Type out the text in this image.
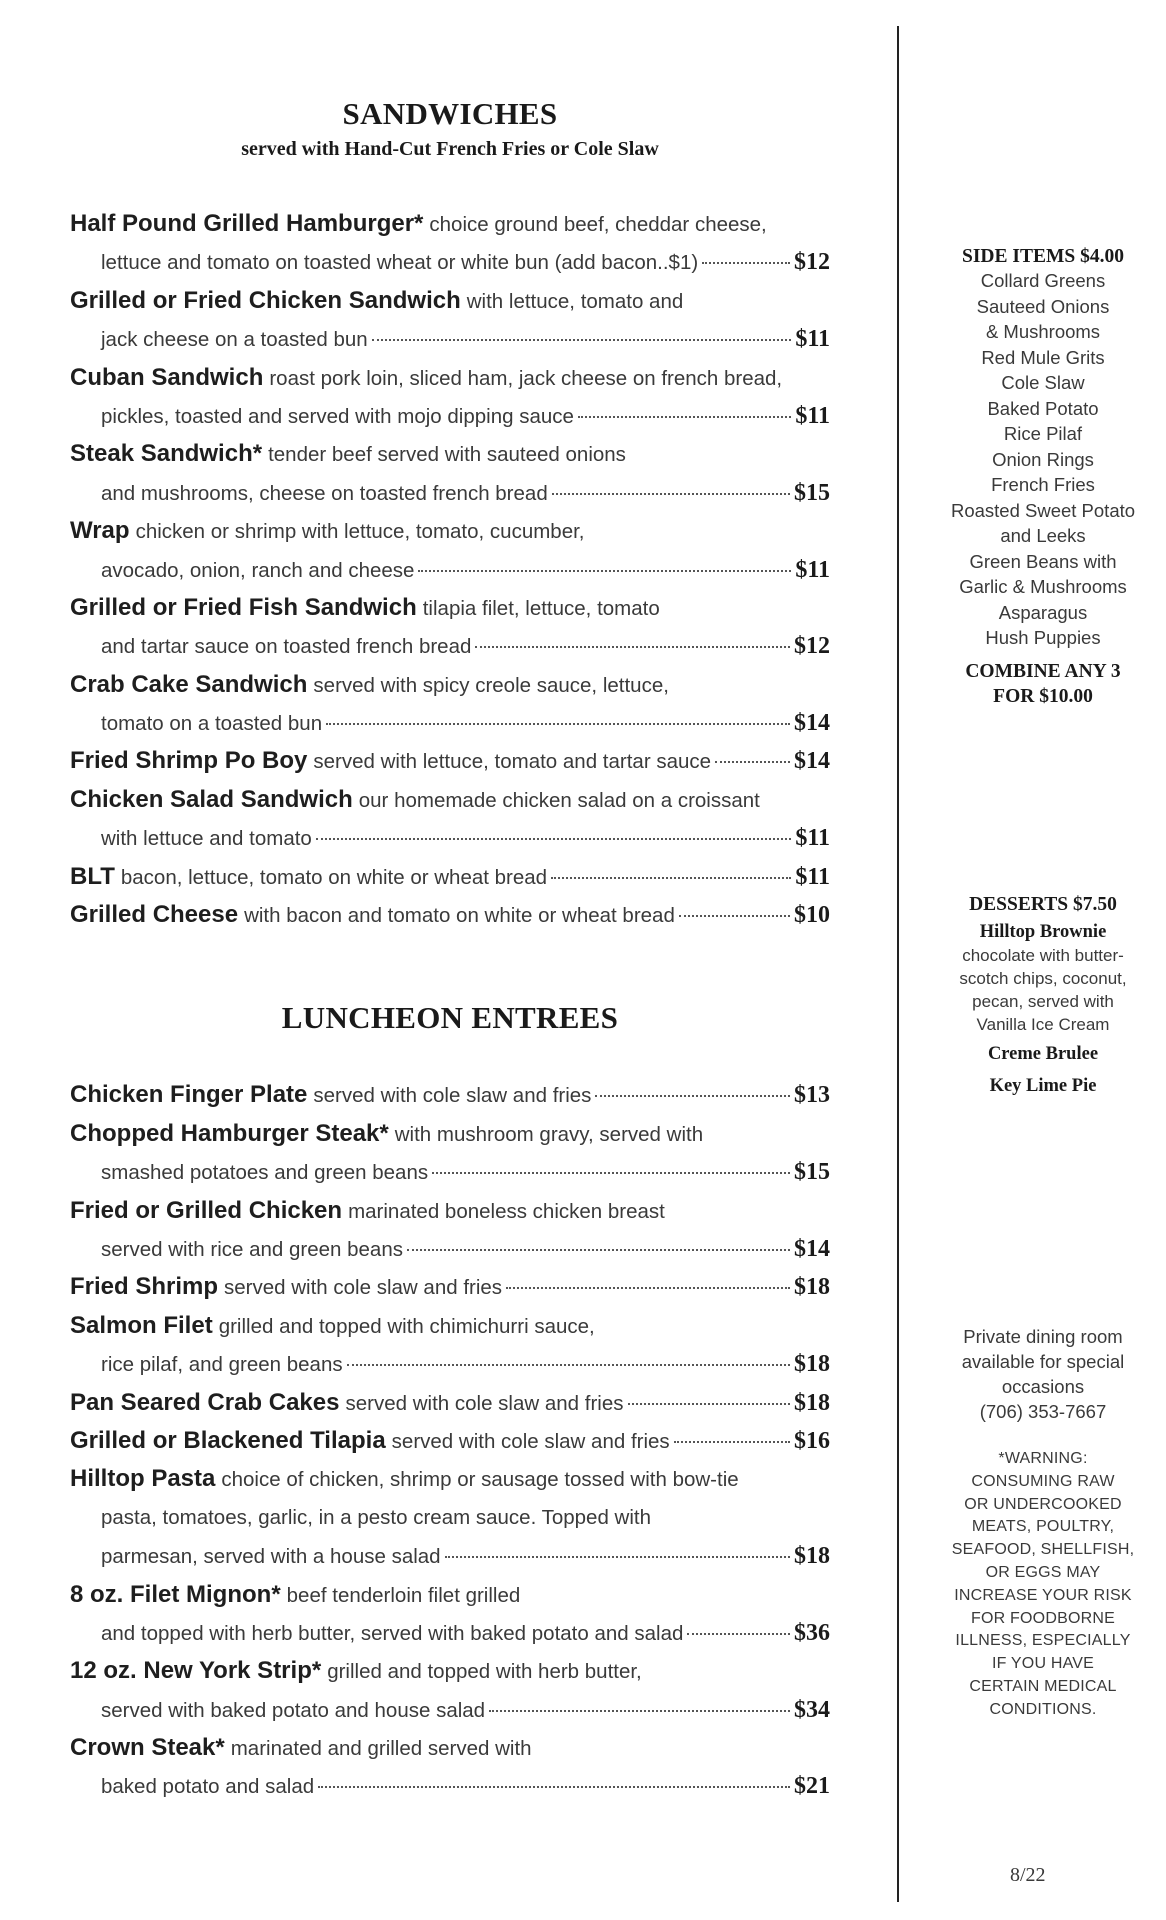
SANDWICHES
served with Hand-Cut French Fries or Cole Slaw
Half Pound Grilled Hamburger* choice ground beef, cheddar cheese,
lettuce and tomato on toasted wheat or white bun (add bacon..$1)	$12
Grilled or Fried Chicken Sandwich with lettuce, tomato and
jack cheese on a toasted bun	$11
Cuban Sandwich roast pork loin, sliced ham, jack cheese on french bread,
pickles, toasted and served with mojo dipping sauce	$11
Steak Sandwich* tender beef served with sauteed onions
and mushrooms, cheese on toasted french bread	$15
Wrap chicken or shrimp with lettuce, tomato, cucumber,
avocado, onion, ranch and cheese	$11
Grilled or Fried Fish Sandwich tilapia filet, lettuce, tomato
and tartar sauce on toasted french bread	$12
Crab Cake Sandwich served with spicy creole sauce, lettuce,
tomato on a toasted bun	$14
Fried Shrimp Po Boy served with lettuce, tomato and tartar sauce	$14
Chicken Salad Sandwich our homemade chicken salad on a croissant
with lettuce and tomato	$11
BLT bacon, lettuce, tomato on white or wheat bread	$11
Grilled Cheese with bacon and tomato on white or wheat bread	$10
LUNCHEON ENTREES
Chicken Finger Plate served with cole slaw and fries	$13
Chopped Hamburger Steak* with mushroom gravy, served with
smashed potatoes and green beans	$15
Fried or Grilled Chicken marinated boneless chicken breast
served with rice and green beans	$14
Fried Shrimp served with cole slaw and fries	$18
Salmon Filet grilled and topped with chimichurri sauce,
rice pilaf, and green beans	$18
Pan Seared Crab Cakes served with cole slaw and fries	$18
Grilled or Blackened Tilapia served with cole slaw and fries	$16
Hilltop Pasta choice of chicken, shrimp or sausage tossed with bow-tie
pasta, tomatoes, garlic, in a pesto cream sauce. Topped with
parmesan, served with a house salad	$18
8 oz. Filet Mignon* beef tenderloin filet grilled
and topped with herb butter, served with baked potato and salad	$36
12 oz. New York Strip* grilled and topped with herb butter,
served with baked potato and house salad	$34
Crown Steak* marinated and grilled served with
baked potato and salad	$21
SIDE ITEMS $4.00
Collard Greens
Sauteed Onions
& Mushrooms
Red Mule Grits
Cole Slaw
Baked Potato
Rice Pilaf
Onion Rings
French Fries
Roasted Sweet Potato
and Leeks
Green Beans with
Garlic & Mushrooms
Asparagus
Hush Puppies
COMBINE ANY 3
FOR $10.00
DESSERTS $7.50
Hilltop Brownie
chocolate with butter-
scotch chips, coconut,
pecan, served with
Vanilla Ice Cream
Creme Brulee
Key Lime Pie
Private dining room
available for special
occasions
(706) 353-7667
*WARNING:
CONSUMING RAW
OR UNDERCOOKED
MEATS, POULTRY,
SEAFOOD, SHELLFISH,
OR EGGS MAY
INCREASE YOUR RISK
FOR FOODBORNE
ILLNESS, ESPECIALLY
IF YOU HAVE
CERTAIN MEDICAL
CONDITIONS.
8/22
